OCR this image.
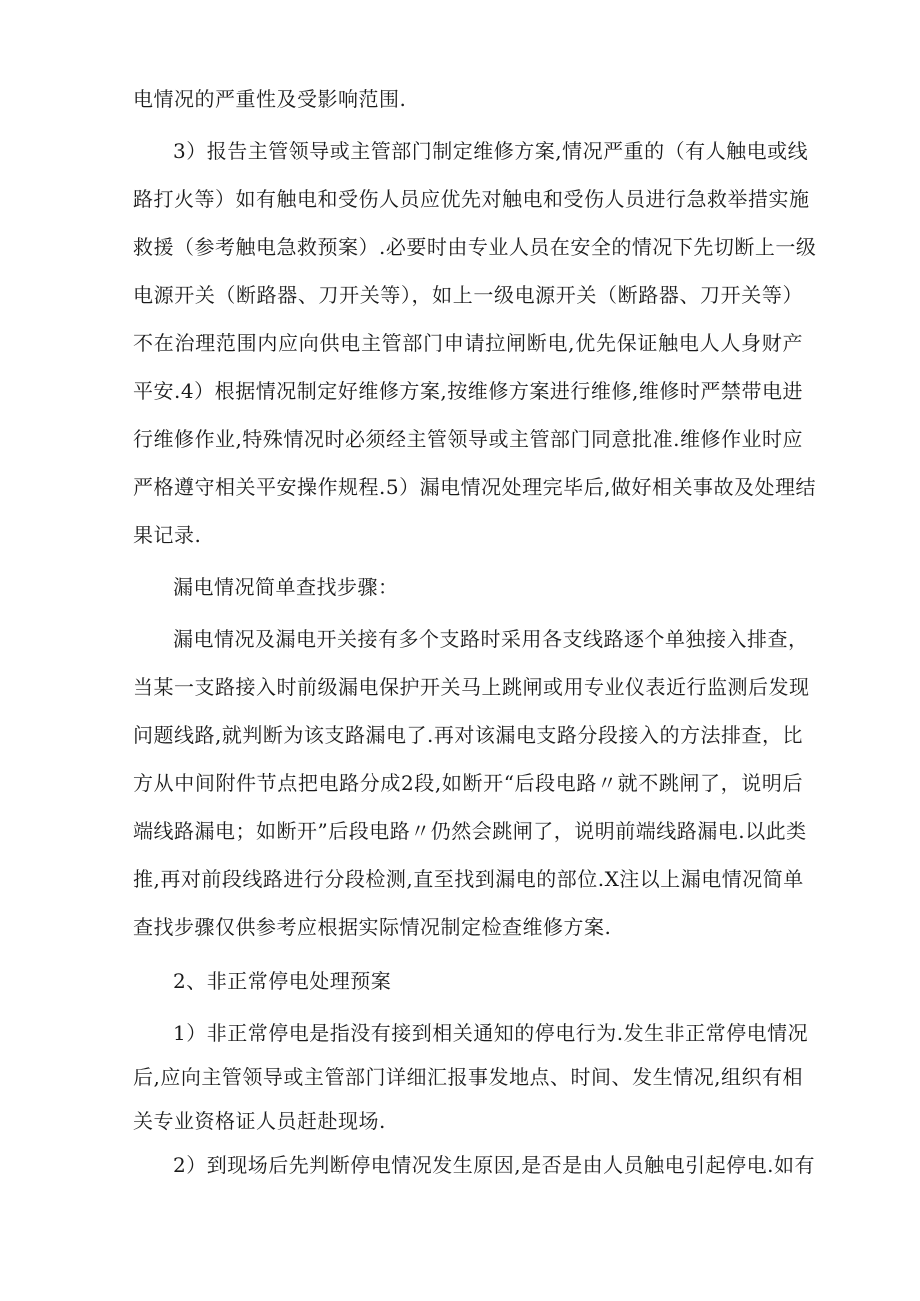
电情况的严重性及受影响范围.
3）报告主管领导或主管部门制定维修方案,情况严重的（有人触电或线
路打火等）如有触电和受伤人员应优先对触电和受伤人员进行急救举措实施
救援（参考触电急救预案）.必要时由专业人员在安全的情况下先切断上一级
电源开关（断路器、刀开关等），如上一级电源开关（断路器、刀开关等）
不在治理范围内应向供电主管部门申请拉闸断电,优先保证触电人人身财产
平安.4）根据情况制定好维修方案,按维修方案进行维修,维修时严禁带电进
行维修作业,特殊情况时必须经主管领导或主管部门同意批准.维修作业时应
严格遵守相关平安操作规程.5）漏电情况处理完毕后,做好相关事故及处理结
果记录.
漏电情况简单查找步骤：
漏电情况及漏电开关接有多个支路时采用各支线路逐个单独接入排查，
当某一支路接入时前级漏电保护开关马上跳闸或用专业仪表近行监测后发现
问题线路,就判断为该支路漏电了.再对该漏电支路分段接入的方法排查，比
方从中间附件节点把电路分成2段,如断开“后段电路〃就不跳闸了，说明后
端线路漏电；如断开”后段电路〃仍然会跳闸了，说明前端线路漏电.以此类
推,再对前段线路进行分段检测,直至找到漏电的部位.X注以上漏电情况简单
查找步骤仅供参考应根据实际情况制定检查维修方案.
2、非正常停电处理预案
1）非正常停电是指没有接到相关通知的停电行为.发生非正常停电情况
后,应向主管领导或主管部门详细汇报事发地点、时间、发生情况,组织有相
关专业资格证人员赶赴现场.
2）到现场后先判断停电情况发生原因,是否是由人员触电引起停电.如有
